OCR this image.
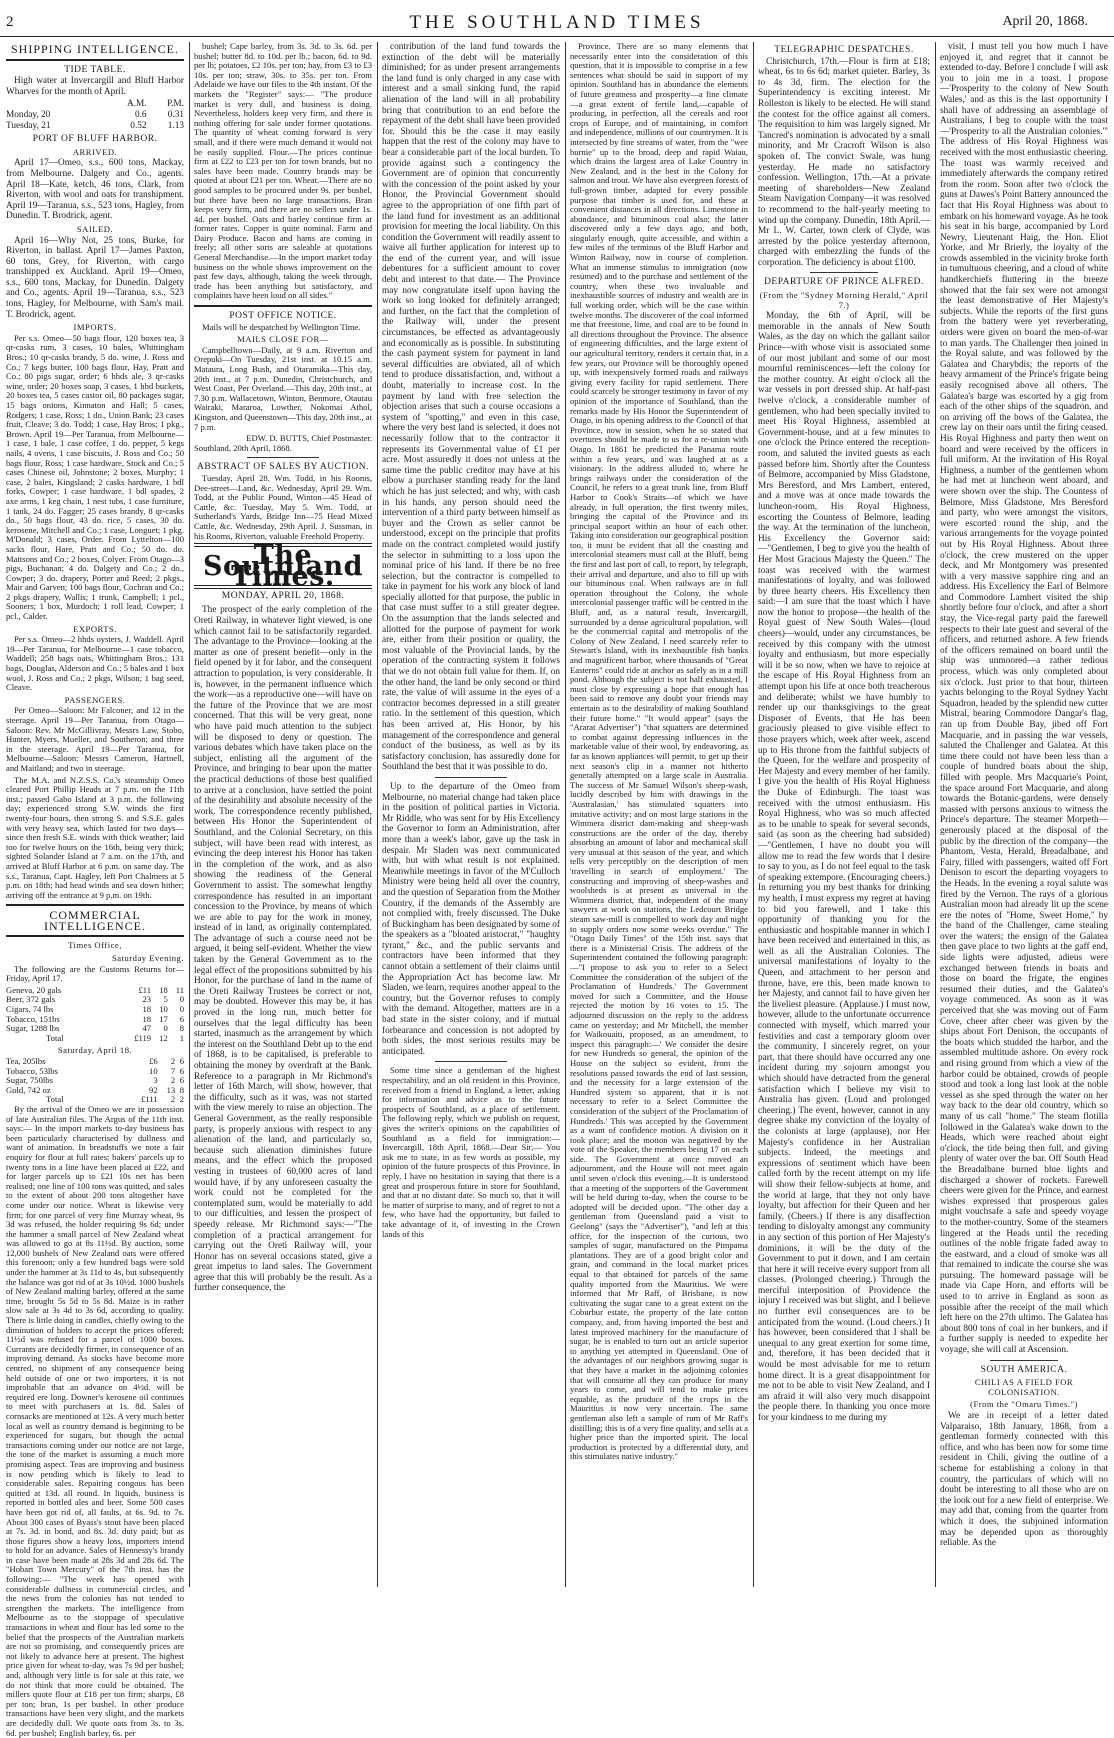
2	THE SOUTHLAND TIMES	April 20, 1868.
SHIPPING INTELLIGENCE.
TIDE TABLE.

High water at Invercargill and Bluff Harbor Wharves for the month of April.

	A.M.	P.M.
Monday, 20	0.6	0.31
Tuesday, 21	0.52	1.13
PORT OF BLUFF HARBOR.
ARRIVED.

April 17—Omeo, s.s., 600 tons, Mackay, from Melbourne. Dalgety and Co., agents. April 18—Kate, ketch, 46 tons, Clark, from Riverton, with wool and oats for transhipment. April 19—Taranua, s.s., 523 tons, Hagley, from Dunedin. T. Brodrick, agent.

SAILED.

April 16—Why Not, 25 tons, Burke, for Riverton, in ballast. April 17—James Paxton, 60 tons, Grey, for Riverton, with cargo transhipped ex Auckland. April 19—Omeo, s.s., 600 tons, Mackay, for Dunedin. Dalgety and Co., agents. April 19—Taranua, s.s., 523 tons, Hagley, for Melbourne, with Sam's mail. T. Brodrick, agent.

IMPORTS.

Per s.s. Omeo—50 bags flour, 120 boxes tea, 3 qr-casks rum, 3 cases, 10 bales, Whittingham Bros.; 10 qr-casks brandy, 5 do. wine, J. Ross and Co.; 7 kegs butter, 100 bags flour, Hay, Pratt and Co.; 80 pigs sugar, order; 6 hhds ale, 3 qr-casks wine, order; 20 boxes soap, 3 cases, 1 hhd buckets, 20 boxes tea, 5 cases castor oil, 80 packages sugar, 15 bags onions, Kinnaton and Hall; 5 cases, Rodgers; 1 case, Ross; 1 do., Union Bank; 23 cases fruit, Cleave; 3 do. Todd; 1 case, Hay Bros; 1 pkg., Brown. April 19—Per Taranua, from Melbourne—1 case, 1 bale, 1 case coffee, 1 do. pepper, 5 kegs nails, 4 ovens, 1 case biscuits, J. Ross and Co.; 50 bags flour, Ross; 1 case hardware, Stock and Co.; 5 cases Chinese oil, Johnstone; 2 boxes, Murphy; 1 case, 2 bales, Kingsland; 2 casks hardware, 1 bdl forks, Cowper; 1 case hardware, 1 bdl spades, 2 axe arms, 1 keg chain, 1 nest tubs, 1 case furniture, 1 tank, 24 do. Fagger; 25 cases brandy, 8 qr-casks do., 50 bags flour, 43 do. rice, 5 cases, 30 do. kerosene, Mitchell and Co.; 1 case, Longuet; 1 pkg. M'Donald; 3 cases, Order. From Lyttelton—100 sacks flour, Hare, Pratt and Co.; 50 do. do. Mattsons and Co.; 2 boxes, Colyer. From Otago—3 pigs, Buchanan; 4 do. Dalgety and Co.; 2 do., Cowper; 3 do. drapery, Porter and Reed; 2 pkgs., Mair and Garven; 100 bags flour, Cochran and Co.; 2 pkgs drapery, Wallis; 1 trunk, Campbell; 1 pcl., Sooners; 1 box, Murdoch; 1 roll lead, Cowper; 1 pcl., Calder.

EXPORTS.

Per s.s. Omeo—2 hhds oysters, J. Waddell. April 19—Per Taranua, for Melbourne—1 case tobacco, Waddell; 258 bags oats, Whittingham Bros.; 131 bags, Douglas, Alderson and Co.; 5 bales and 1 box wool, J. Ross and Co.; 2 pkgs, Wilson; 1 bag seed, Cleave.

PASSENGERS.

Per Omeo—Saloon: Mr Falconer, and 12 in the steerage. April 19—Per Taranua, from Otago—Saloon: Rev. Mr McGillivray, Messrs Law, Stobo, Hunter, Myers, Mueller, and Southeron; and three in the steerage. April 19—Per Taranua, for Melbourne—Saloon: Messrs Cameron, Hartnell, and Maitland; and two in steerage.

The M.A. and N.Z.S.S. Co.'s steamship Omeo cleared Port Phillip Heads at 7 p.m. on the 11th inst.; passed Gabo Island at 3 p.m. the following day; experienced strong S.W. winds the first twenty-four hours, then strong S. and S.S.E. gales with very heavy sea, which lasted for two days—since then fresh S.E. winds with thick weather; laid too for twelve hours on the 16th, being very thick; sighted Solander Island at 7 a.m. on the 17th, and arrived at Bluff Harbor at 6 p.m. on same day. The s.s., Taranua, Capt. Hagley, left Port Chalmers at 5 p.m. on 18th; had head winds and sea down hither; arriving off the entrance at 9 p.m. on 19th.

COMMERCIAL INTELLIGENCE.
Times Office,
Saturday Evening.

The following are the Customs Returns for— Friday, April 17.

Geneva, 20 gals	£11	18	11
Beer, 372 gals	23	5	0
Cigars, 74 lbs	18	10	0
Tobacco, 151bs	18	17	6
Sugar, 1288 lbs	47	0	8
Total	£119	12	1
Saturday, April 18.
Tea, 205lbs	£6	2	6
Tobacco, 53lbs	10	7	6
Sugar, 750lbs	3	2	6
Gold, 742 oz	92	13	8
Total	£111	2	2

By the arrival of the Omeo we are in possession of late Australian files. The Argus of the 11th inst. says:— In the import markets to-day business has been particularly characterised by dullness and want of animation. In breadstuffs we note a fair enquiry for flour at full rates; bakers' parcels up to twenty tons in a line have been placed at £22, and for larger parcels up to £21 10s net has been realised; one line of 100 tons was quitted, and sales to the extent of about 200 tons altogether have come under our notice. Wheat is likewise very firm; for one parcel of very fine Murray wheat, 9s 3d was refused, the holder requiring 9s 6d; under the hammer a small parcel of New Zealand wheat was allowed to go at 8s 11½d. By auction, some 12,000 bushels of New Zealand oats were offered this forenoon; only a few hundred bags were sold under the hammer at 3s 11d to 4s, but subsequently the balance was got rid of at 3s 10½d. 1000 bushels of New Zealand malting barley, offered at the same time, brought 5s 5d to 5s 8d. Maize is in rather slow sale at 3s 4d to 3s 6d, according to quality. There is little doing in candles, chiefly owing to the diminution of holders to accept the prices offered; 11½d was refused for a parcel of 1000 boxes. Currants are decidedly firmer, in consequence of an improving demand. As stocks have become more centred, no shipment of any consequence being held outside of one or two importers, it is not improbable that an advance on 4½d. will be required ere long. Downer's kerosene oil continues to meet with purchasers at 1s. 8d. Sales of cornsacks are mentioned at 12s. A very much better local as well as country demand is beginning to be experienced for sugars, but though the actual transactions coming under our notice are not large, the tone of the market is assuming a much more promising aspect. Teas are improving and business is now pending which is likely to lead to considerable sales. Repairing congous has been quitted at 13d. all round. In liquids, business is reported in bottled ales and beer. Some 500 cases have been got rid of, all faults, at 6s. 9d. to 7s. About 300 cases of Byass's stout have been placed at 7s. 3d. in bond, and 8s. 3d. duty paid; but as those figures show a heavy loss, importers intend to hold for an advance. Sales of Hennessy's brandy in case have been made at 28s 3d and 28s 6d. The "Hobart Town Mercury" of the 7th inst. has the following:— "The week has opened with considerable dullness in commercial circles, and the news from the colonies has not tended to strengthen the markets. The intelligence from Melbourne as to the stoppage of speculative transactions in wheat and flour has led some to the belief that the prospects of the Australian markets are not so promising, and consequently prices are not likely to advance here at present. The highest price given for wheat to-day, was 7s 9d per bushel; and, although very little is for sale at this rate, we do not think that more could be obtained. The millers quote flour at £18 per ton firm; sharps, £8 per ton; bran, 1s per bushel. In other produce transactions have been very slight, and the markets are decidedly dull. We quote oats from 3s. to 3s. 6d. per bushel; English barley, 6s. per

bushel; Cape barley, from 3s. 3d. to 3s. 6d. per bushel; butter 8d. to 10d. per lb.; bacon, 6d. to 9d. per lb; potatoes, £2 10s. per ton; hay, from £3 to £3 10s. per ton; straw, 30s. to 35s. per ton. From Adelaide we have our files to the 4th instant. Of the markets the "Register" says:— "The produce market is very dull, and business is doing. Nevertheless, holders keep very firm, and there is nothing offering for sale under former quotations. The quantity of wheat coming forward is very small, and if there were much demand it would not be easily supplied. Flour.—The prices continue firm at £22 to £23 per ton for town brands, but no sales have been made. Country brands may be quoted at about £21 per ton. Wheat.—There are no good samples to be procured under 9s. per bushel, but there have been no large transactions. Bran keeps very firm, and there are no sellers under 1s. 4d. per bushel. Oats and barley continue firm at former rates. Copper is quite nominal. Farm and Dairy Produce. Bacon and hams are coming in freely; all other sorts are saleable at quotations General Merchandise.—In the import market today business on the whole shows improvement on the past few days, although, taking the week through, trade has been anything but satisfactory, and complaints have been loud on all sides."

POST OFFICE NOTICE.

Mails will be despatched by Wellington Time.

MAILS CLOSE FOR—

Campbelltown—Daily, at 9 a.m. Riverton and Orepuki—On Tuesday, 21st inst. at 10.15 a.m. Mataura, Long Bush, and Otaramika—This day, 20th inst., at 7 p.m. Dunedin, Christchurch, and West Coast, Per Overland.—This day, 20th inst., at 7.30 p.m. Wallacetown, Winton, Benmore, Otautau Wairaki, Mararoa, Lowther, Nokomai Athol, Kingston, and Queenstown—This day, 20th inst., at 7 p.m.

EDW. D. BUTTS, Chief Postmaster.
Southland, 20th April, 1868.
ABSTRACT OF SALES BY AUCTION.

Tuesday, April 28. Wm. Todd, in his Rooms, Dee-street—Land, &c. Wednesday, April 29. Wm. Todd, at the Public Pound, Winton—45 Head of Cattle, &c. Tuesday, May 5. Wm. Todd, at Sutherland's Yards, Bridge Inn—75 Head Mixed Cattle, &c. Wednesday, 29th April. J. Sussman, in his Rooms, Riverton, valuable Freehold Property.

The Southland Times.
MONDAY, APRIL 20, 1868.

The prospect of the early completion of the Oreti Railway, in whatever light viewed, is one which cannot fail to be satisfactorily regarded. The advantage to the Province—looking at the matter as one of present benefit—only in the field opened by it for labor, and the consequent attraction to population, is very considerable. It is, however, in the permanent influence which the work—as a reproductive one—will have on the future of the Province that we are most concerned. That this will be very great, none who have paid much attention to the subject will be disposed to deny or question. The various debates which have taken place on the subject, enlisting all the argument of the Province, and bringing to bear upon the matter the practical deductions of those best qualified to arrive at a conclusion, have settled the point of the desirability and absolute necessity of the work. The correspondence recently published, between His Honor the Superintendent of Southland, and the Colonial Secretary, on this subject, will have been read with interest, as evincing the deep interest his Honor has taken in the completion of the work, and as also showing the readiness of the General Government to assist. The somewhat lengthy correspondence has resulted in an important concession to the Province, by means of which we are able to pay for the work in money, instead of in land, as originally contemplated. The advantage of such a course need not be argued, it being self-evident. Whether the view taken by the General Government as to the legal effect of the propositions submitted by his Honor, for the purchase of land in the name of the Oreti Railway Trustees be correct or not, may be doubted. However this may be, it has proved in the long run, much better for ourselves that the legal difficulty has been started, inasmuch as the arrangement by which the interest on the Southland Debt up to the end of 1868, is to be capitalised, is preferable to obtaining the money by overdraft at the Bank. Reference to a paragraph in Mr Richmond's letter of 16th March, will show, however, that the difficulty, such as it was, was not started with the view merely to raise an objection. The General Government, as the really responsible party, is properly anxious with respect to any alienation of the land, and particularly so, because such alienation diminishes future means, and the effect which the proposed vesting in trustees of 60,000 acres of land would have, if by any unforeseen casualty the work could not be completed for the contemplated sum, would be materially to add to our difficulties, and lessen the prospect of speedy release. Mr Richmond says:—"The completion of a practical arrangement for carrying out the Oreti Railway will, your Honor has on several occasions stated, give a great impetus to land sales. The Government agree that this will probably be the result. As a further consequence, the

contribution of the land fund towards the extinction of the debt will be materially diminished; for as under present arrangements the land fund is only charged in any case with interest and a small sinking fund, the rapid alienation of the land will in all probability bring that contribution to an end before the repayment of the debt shall have been provided for. Should this be the case it may easily happen that the rest of the colony may have to bear a considerable part of the local burden. To provide against such a contingency the Government are of opinion that concurrently with the concession of the point asked by your Honor, the Provincial Government should agree to the appropriation of one fifth part of the land fund for investment as an additional provision for meeting the local liability. On this condition the Government will readily assent to waive all further application for interest up to the end of the current year, and will issue debentures for a sufficient amount to cover debt and interest to that date.— The Province may now congratulate itself upon having the work so long looked for definitely arranged; and further, on the fact that the completion of the Railway will, under the present circumstances, be effected as advantageously and economically as is possible. In substituting the cash payment system for payment in land several difficulties are obviated, all of which tend to produce dissatisfaction, and, without a doubt, materially to increase cost. In the payment by land with free selection the objection arises that such a course occasions a system of "spotting," and even in this case, where the very best land is selected, it does not necessarily follow that to the contractor it represents its Governmental value of £1 per acre. Most assuredly it does not unless at the same time the public creditor may have at his elbow a purchaser standing ready for the land which he has just selected; and why, with cash in his hands, any person should need the intervention of a third party between himself as buyer and the Crown as seller cannot be understood, except on the principle that profits made on the contract completed would justify the selector in submitting to a loss upon the nominal price of his land. If there be no free selection, but the contractor is compelled to take in payment for his work any block of land specially allotted for that purpose, the public in that case must suffer to a still greater degree. On the assumption that the lands selected and allotted for the purpose of payment for work are, either from their position or quality, the most valuable of the Provincial lands, by the operation of the contracting system it follows that we do not obtain full value for them. If, on the other hand, the land be only second or third rate, the value of will assume in the eyes of a contractor becomes depressed in a still greater ratio. In the settlement of this question, which has been arrived at, His Honor, by his management of the correspondence and general conduct of the business, as well as by its satisfactory conclusion, has assuredly done for Southland the best that it was possible to do.

Up to the departure of the Omeo from Melbourne, no material change had taken place in the position of political parties in Victoria. Mr Riddle, who was sent for by His Excellency the Governor to form an Administration, after more than a week's labor, gave up the task in despair. Mr Sladen was next communicated with, but with what result is not explained. Meanwhile meetings in favor of the M'Culloch Ministry were being held all over the country, and the question of Separation from the Mother Country, if the demands of the Assembly are not complied with, freely discussed. The Duke of Buckingham has been designated by some of the speakers as a "bloated aristocrat," "haughty tyrant," &c., and the public servants and contractors have been informed that they cannot obtain a settlement of their claims until the Appropriation Act has become law. Mr Sladen, we learn, requires another appeal to the country, but the Governor refuses to comply with the demand. Altogether, matters are in a bad state in the sister colony, and if mutual forbearance and concession is not adopted by both sides, the most serious results may be anticipated.

Some time since a gentleman of the highest respectability, and an old resident in this Province, received from a friend in England, a letter, asking for information and advice as to the future prospects of Southland, as a place of settlement. The following reply, which we publish on request, gives the writer's opinions on the capabilities of Southland as a field for immigration:— Invercargill, 18th April, 1868.—Dear Sir,— You ask me to state, in as few words as possible, my opinion of the future prospects of this Province. In reply, I have no hesitation in saying that there is a great and prosperous future in store for Southland, and that at no distant date. So much so, that it will be matter of surprise to many, and of regret to not a few, who have had the opportunity, but failed to take advantage of it, of investing in the Crown lands of this

Province. There are so many elements that necessarily enter into the consideration of this question, that it is impossible to comprise in a few sentences what should be said in support of my opinion. Southland has in abundance the elements of future greatness and prosperity—a fine climate—a great extent of fertile land,—capable of producing, in perfection, all the cereals and root crops of Europe, and of maintaining, in comfort and independence, millions of our countrymen. It is intersected by fine streams of water, from the "wee burnie" up to the broad, deep and rapid Waiau, which drains the largest area of Lake Country in New Zealand, and is the best in the Colony for salmon and trout. We have also evergreen forests of full-grown timber, adapted for every possible purpose that timber is used for, and these at convenient distances in all directions. Limestone in abundance, and bituminous coal also; the latter discovered only a few days ago, and both, singularly enough, quite accessible, and within a few miles of the terminus of the Bluff Harbor and Winton Railway, now in course of completion. What an immense stimulus to immigration (now resumed) and to the purchase and settlement of the country, when these two invaluable and inexhaustible sources of industry and wealth are in full working order, which will be the case within twelve months. The discoverer of the coal informed me that freestone, lime, and coal are to be found in all directions throughout the Province. The absence of engineering difficulties, and the large extent of our agricultural territory, renders it certain that, in a few years, our Province will be thoroughly opened up, with inexpensively formed roads and railways giving every facility for rapid settlement. There could scarcely be stronger testimony in favor of my opinion of the importance of Southland, than the remarks made by His Honor the Superintendent of Otago, in his opening address to the Council of that Province, now in session, when he so stated that overtures should be made to us for a re-union with Otago. In 1861 he predicted the Panama route within a few years, and was laughed at as a visionary. In the address alluded to, where he brings railways under the consideration of the Council, he refers to a great trunk line, from Bluff Harbor to Cook's Straits—of which we have already, in full operation, the first twenty miles, bringing the capital of the Province and its principal seaport within an hour of each other. Taking into consideration our geographical position too, it must be evident that all the coasting and intercolonial steamers must call at the Bluff, being the first and last port of call, to report, by telegraph, their arrival and departure, and also to fill up with our bituminous coal. When railways are in full operation throughout the Colony, the whole intercolonial passenger traffic will be centred in the Bluff, and, as a natural result, Invercargill, surrounded by a dense agricultural population, will be the commercial capital and metropolis of the Colony of New Zealand. I need scarcely refer to Stewart's Island, with its inexhaustible fish banks and magnificent harbor, where thousands of "Great Easterns" could ride at anchor as safely as in a mill pond. Although the subject is not half exhausted, I must close by expressing a hope that enough has been said to remove any doubt your friends may entertain as to the desirability of making Southland their future home." "It would appear" (says the "Ararat Advertiser") "that squatters are determined to combat against depressing influences in the marketable value of their wool, by endeavoring, as far as known appliances will permit, to get up their next season's clip in a manner not hitherto generally attempted on a large scale in Australia. The success of Mr Samuel Wilson's sheep-wash, lucidly described by him with drawings in the 'Australasian,' has stimulated squatters into imitative activity; and on most large stations in the Wimmera district dam-making and sheep-wash constructions are the order of the day, thereby absorbing an amount of labor and mechanical skill very unusual at this season of the year, and which tells very perceptibly on the description of men 'travelling in search of employment.' The constructing and improving of sheep-washes and woolsheds is at present as universal in the Wimmera district, that, independent of the many sawyers at work on stations, the Ledcourt Bridge steam saw-mill is compelled to work day and night to supply orders now some weeks overdue." The "Otago Daily Times" of the 15th inst. says that there is a Ministerial Crisis. The address of the Superintendent contained the following paragraph:—"I propose to ask you to refer to a Select Committee the consideration of the subject of the Proclamation of Hundreds.' The Government moved for such a Committee, and the House rejected the motion by 16 votes to 15. The adjourned discussion on the reply to the address came on yesterday; and Mr Mitchell, the member for Waikouaiti, proposed, as an amendment, to inspect this paragraph:—' We consider the desire for new Hundreds so general, the opinion of the House on the subject so evident, from the resolutions passed towards the end of last session, and the necessity for a large extension of the Hundred system so apparent, that it is not necessary to refer to a Select Committee the consideration of the subject of the Proclamation of Hundreds.' This was accepted by the Government as a want of confidence motion. A division on it took place; and the motion was negatived by the vote of the Speaker, the members being 17 on each side. The Government at once moved an adjournment, and the House will not meet again until seven o'clock this evening.—It is understood that a meeting of the supporters of the Government will be held during to-day, when the course to be adopted will be decided upon. "The other day a gentleman from Queensland paid a visit to Geelong" (says the "Advertiser"), "and left at this office, for the inspection of the curious, two samples of sugar, manufactured on the Pimpama plantations. They are of a good bright color and grain, and command in the local market prices equal to that obtained for parcels of the same quality imported from the Mauritius. We were informed that Mr Raff, of Brisbane, is now cultivating the sugar cane to a great extent on the Coburbur estate, the property of the late cotton company, and, from having imported the best and latest improved machinery for the manufacture of sugar, he is enabled to turn out an article superior to anything yet attempted in Queensland. One of the advantages of our neighbors growing sugar is that they have a market in the adjoining colonies that will consume all they can produce for many years to come, and will tend to make prices equable, as the produce of the crops in the Mauritius is now very uncertain. The same gentleman also left a sample of rum of Mr Raff's distilling; this is of a very fine quality, and sells at a higher price than the imported spirit. The local production is protected by a differential duty, and this stimulates native industry."

TELEGRAPHIC DESPATCHES.

Christchurch, 17th.—Flour is firm at £18; wheat, 6s to 6s 6d; market quieter. Barley, 3s to 4s 3d, firm. The election for the Superintendency is exciting interest. Mr Rolleston is likely to be elected. He will stand the contest for the office against all comers. The requisition to him was largely signed. Mr Tancred's nomination is advocated by a small minority, and Mr Cracroft Wilson is also spoken of. The convict Swale, was hung yesterday. He made no satisfactory confession. Wellington, 17th.—At a private meeting of shareholders—New Zealand Steam Navigation Company—it was resolved to recommend to the half-yearly meeting to wind up the company. Dunedin, 18th April.—Mr L. W. Carter, town clerk of Clyde, was arrested by the police yesterday afternoon, charged with embezzling the funds of the corporation. The deficiency is about £100.

DEPARTURE OF PRINCE ALFRED.
(From the "Sydney Morning Herald," April 7.)

Monday, the 6th of April, will be memorable in the annals of New South Wales, as the day on which the gallant sailor Prince—with whose visit is associated some of our most jubilant and some of our most mournful reminiscences—left the colony for the mother country. At eight o'clock all the war vessels in port dressed ship. At half-past twelve o'clock, a considerable number of gentlemen, who had been specially invited to meet His Royal Highness, assembled at Government-house, and at a few minutes to one o'clock the Prince entered the reception-room, and saluted the invited guests as each passed before him. Shortly after the Countess of Belmore, accompanied by Miss Gladstone, Mrs Beresford, and Mrs Lambert, entered, and a move was at once made towards the luncheon-room, His Royal Highness, escorting the Countess of Belmore, leading the way. At the termination of the luncheon, His Excellency the Governor said:—"Gentlemen, I beg to give you the health of Her Most Gracious Majesty the Queen." The toast was received with the warmest manifestations of loyalty, and was followed by three hearty cheers. His Excellency then said:—I am sure that the toast which I have now the honor to propose—the health of the Royal guest of New South Wales—(loud cheers)—would, under any circumstances, be received by this company with the utmost loyalty and enthusiasm, but more especially will it be so now, when we have to rejoice at the escape of His Royal Highness from an attempt upon his life at once both treacherous and deliberate; whilst we have humbly to render up our thanksgivings to the great Disposer of Events, that He has been graciously pleased to give visible effect to those prayers which, week after week, ascend up to His throne from the faithful subjects of the Queen, for the welfare and prosperity of Her Majesty and every member of her family. I give you the health of His Royal Highness the Duke of Edinburgh. The toast was received with the utmost enthusiasm. His Royal Highness, who was so much affected as to be unable to speak for several seconds, said (as soon as the cheering had subsided)—"Gentlemen, I have no doubt you will allow me to read the few words that I desire to say to you, as I do not feel equal to the task of speaking extempore. (Encouraging cheers.) In returning you my best thanks for drinking my health, I must express my regret at having to bid you farewell, and I take this opportunity of thanking you for the enthusiastic and hospitable manner in which I have been received and entertained in this, as well as all the Australian Colonies. The universal manifestations of loyalty to the Queen, and attachment to her person and throne, have, ere this, been made known to her Majesty, and cannot fail to have given her the liveliest pleasure. (Applause.) I must now, however, allude to the unfortunate occurrence connected with myself, which marred your festivities and cast a temporary gloom over the community. I sincerely regret, on your part, that there should have occurred any one incident during my sojourn amongst you which should have detracted from the general satisfaction which I believe my visit to Australia has given. (Loud and prolonged cheering.) The event, however, cannot in any degree shake my conviction of the loyalty of the colonists at large (applause), nor Her Majesty's confidence in her Australian subjects. Indeed, the meetings and expressions of sentiment which have been called forth by the recent attempt on my life will show their fellow-subjects at home, and the world at large, that they not only have loyalty, but affection for their Queen and her family. (Cheers.) If there is any disaffection tending to disloyalty amongst any community in any section of this portion of Her Majesty's dominions, it will be the duty of the Government to put it down, and I am certain that here it will receive every support from all classes. (Prolonged cheering.) Through the merciful interposition of Providence the injury I received was but slight, and I believe no further evil consequences are to be anticipated from the wound. (Loud cheers.) It has however, been considered that I shall be unequal to any great exertion for some time, and, therefore, it has been decided that it would be most advisable for me to return home direct. It is a great disappointment for me not to be able to visit New Zealand, and I am afraid it will also very much disappoint the people there. In thanking you once more for your kindness to me during my

visit, I must tell you how much I have enjoyed it, and regret that it cannot be extended to-day. Before I conclude I will ask you to join me in a toast. I propose—'Prosperity to the colony of New South Wales,' and as this is the last opportunity I shall have of addressing an assemblage of Australians, I beg to couple with the toast—'Prosperity to all the Australian colonies.'" The address of His Royal Highness was received with the most enthusiastic cheering. The toast was warmly received and immediately afterwards the company retired from the room. Soon after two o'clock the guns at Dawes's Point Battery announced the fact that His Royal Highness was about to embark on his homeward voyage. As he took his seat in his barge, accompanied by Lord Newry, Lieutenant Haig, the Hon. Eliot Yorke, and Mr Brierly, the loyalty of the crowds assembled in the vicinity broke forth in tumultuous cheering, and a cloud of white handkerchiefs fluttering in the breeze showed that the fair sex were not amongst the least demonstrative of Her Majesty's subjects. While the reports of the first guns from the battery were yet reverberating, orders were given on board the men-of-war to man yards. The Challenger then joined in the Royal salute, and was followed by the Galatea and Charybdis; the reports of the heavy armament of the Prince's frigate being easily recognised above all others. The Galatea's barge was escorted by a gig from each of the other ships of the squadron, and on arriving off the bows of the Galatea, the crew lay on their oars until the firing ceased. His Royal Highness and party then went on board and were received by the officers in full uniform. At the invitation of His Royal Highness, a number of the gentlemen whom he had met at luncheon went aboard, and were shown over the ship. The Countess of Belmore, Miss Gladstone, Mrs Beresford and party, who were amongst the visitors, were escorted round the ship, and the various arrangements for the voyage pointed out by His Royal Highness. About three o'clock, the crew mustered on the upper deck, and Mr Montgomery was presented with a very massive sapphire ring and an address. His Excellency the Earl of Belmore and Commodore Lambert visited the ship shortly before four o'clock, and after a short stay, the Vice-regal party paid the farewell respects to their late guest and several of the officers, and returned ashore. A few friends of the officers remained on board until the ship was unmoored—a rather tedious process, which was only completed about six o'clock. Just prior to that hour, thirteen yachts belonging to the Royal Sydney Yacht Squadron, headed by the splendid new cutter Mistral, bearing Commodore Dangar's flag, ran up from Double Bay, jibed off Fort Macquarie, and in passing the war vessels, saluted the Challenger and Galatea. At this time there could not have been less than a couple of hundred boats about the ship, filled with people. Mrs Macquarie's Point, the space around Fort Macquarie, and along towards the Botanic-gardens, were densely massed with persons anxious to witness the Prince's departure. The steamer Morpeth—generously placed at the disposal of the public by the direction of the company—the Phantom, Vesta, Herald, Breadalbane, and Fairy, filled with passengers, waited off Fort Denison to escort the departing voyagers to the Heads. In the evening a royal salute was fired by the Vernon. The rays of a glorious Australian moon had already lit up the scene ere the notes of "Home, Sweet Home," by the band of the Challenger, came stealing over the waters; the ensign of the Galatea then gave place to two lights at the gaff end, side lights were adjusted, adieus were exchanged between friends in boats and those on board the frigate, the engines resumed their duties, and the Galatea's voyage commenced. As soon as it was perceived that she was moving out of Farm Cove, cheer after cheer was given by the ships about Fort Denison, the occupants of the boats which studded the harbor, and the assembled multitude ashore. On every rock and rising ground from which a view of the harbor could be obtained, crowds of people stood and took a long last look at the noble vessel as she sped through the water on her way back to the dear old country, which so many of us call "home." The steam flotilla followed in the Galatea's wake down to the Heads, which were reached about eight o'clock, the tide being then full, and giving plenty of water over the bar. Off South Head the Breadalbane burned blue lights and discharged a shower of rockets. Farewell cheers were given for the Prince, and earnest wishes expressed that prosperous gales might vouchsafe a safe and speedy voyage to the mother-country. Some of the steamers lingered at the Heads until the receding outlines of the noble frigate faded away to the eastward, and a cloud of smoke was all that remained to indicate the course she was pursuing. The homeward passage will be made via Cape Horn, and efforts will be used to to arrive in England as soon as possible after the receipt of the mail which left here on the 27th ultimo. The Galatea has about 800 tons of coal in her bunkers, and if a further supply is needed to expedite her voyage, she will call at Ascension.

SOUTH AMERICA.
CHILI AS A FIELD FOR COLONISATION.
(From the "Omaru Times.")

We are in receipt of a letter dated Valparaiso, 18th January, 1868, from a gentleman formerly connected with this office, and who has been now for some time resident in Chili, giving the outline of a scheme for establishing a colony in that country, the particulars of which will no doubt be interesting to all those who are on the look out for a new field of enterprise. We may add that, coming from the quarter from which it does, the subjoined information may be depended upon as thoroughly reliable. As the
